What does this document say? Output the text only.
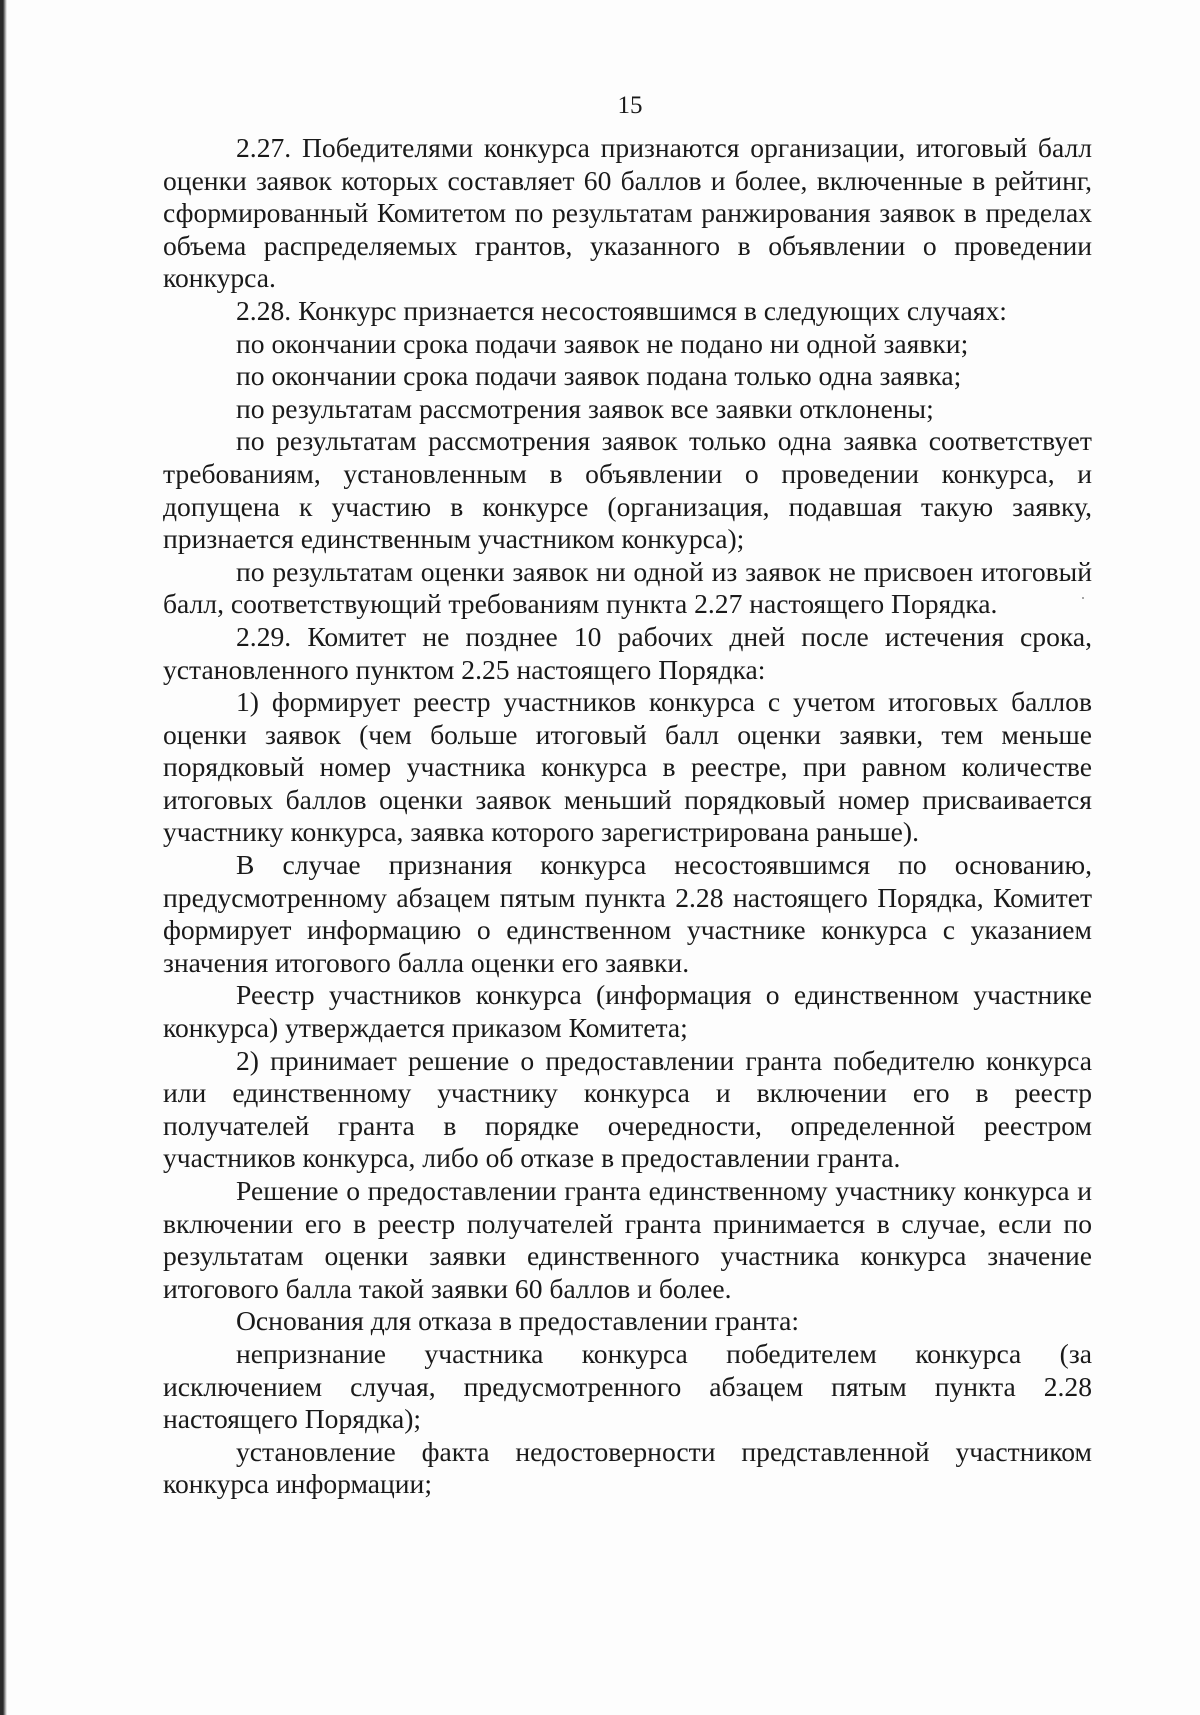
15

2.27. Победителями конкурса признаются организации, итоговый балл оценки заявок которых составляет 60 баллов и более, включенные в рейтинг, сформированный Комитетом по результатам ранжирования заявок в пределах объема распределяемых грантов, указанного в объявлении о проведении конкурса.

2.28. Конкурс признается несостоявшимся в следующих случаях:

по окончании срока подачи заявок не подано ни одной заявки;

по окончании срока подачи заявок подана только одна заявка;

по результатам рассмотрения заявок все заявки отклонены;

по результатам рассмотрения заявок только одна заявка соответствует требованиям, установленным в объявлении о проведении конкурса, и допущена к участию в конкурсе (организация, подавшая такую заявку, признается единственным участником конкурса);

по результатам оценки заявок ни одной из заявок не присвоен итоговый балл, соответствующий требованиям пункта 2.27 настоящего Порядка.

2.29. Комитет не позднее 10 рабочих дней после истечения срока, установленного пунктом 2.25 настоящего Порядка:

1) формирует реестр участников конкурса с учетом итоговых баллов оценки заявок (чем больше итоговый балл оценки заявки, тем меньше порядковый номер участника конкурса в реестре, при равном количестве итоговых баллов оценки заявок меньший порядковый номер присваивается участнику конкурса, заявка которого зарегистрирована раньше).

В случае признания конкурса несостоявшимся по основанию, предусмотренному абзацем пятым пункта 2.28 настоящего Порядка, Комитет формирует информацию о единственном участнике конкурса с указанием значения итогового балла оценки его заявки.

Реестр участников конкурса (информация о единственном участнике конкурса) утверждается приказом Комитета;

2) принимает решение о предоставлении гранта победителю конкурса или единственному участнику конкурса и включении его в реестр получателей гранта в порядке очередности, определенной реестром участников конкурса, либо об отказе в предоставлении гранта.

Решение о предоставлении гранта единственному участнику конкурса и включении его в реестр получателей гранта принимается в случае, если по результатам оценки заявки единственного участника конкурса значение итогового балла такой заявки 60 баллов и более.

Основания для отказа в предоставлении гранта:

непризнание участника конкурса победителем конкурса (за исключением случая, предусмотренного абзацем пятым пункта 2.28 настоящего Порядка);

установление факта недостоверности представленной участником конкурса информации;
